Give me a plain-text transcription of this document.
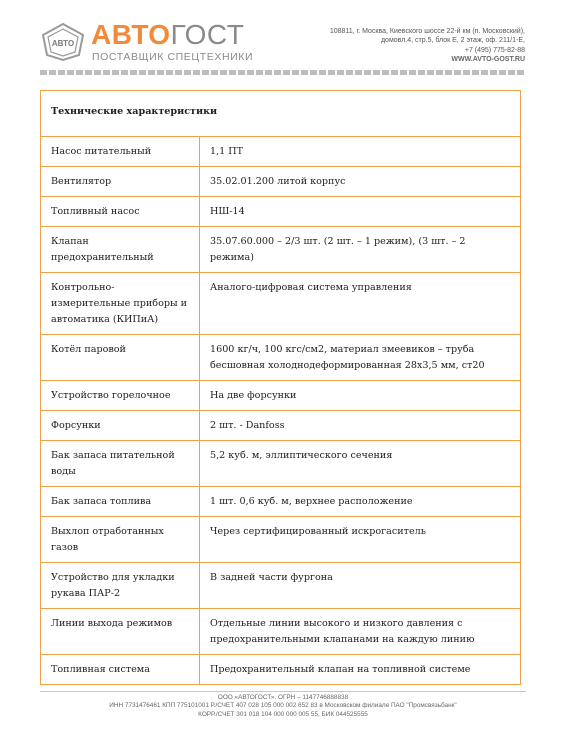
АВТО АВТОГОСТ
ПОСТАВЩИК СПЕЦТЕХНИКИ
108811, г. Москва, Киевского шоссе 22-й км (п. Московский),
домовл.4, стр.5, блок Е, 2 этаж, оф. 211/1-Е,
+7 (495) 775-82-88
WWW.AVTO-GOST.RU
Технические характеристики	
Насос питательный	1,1 ПТ
Вентилятор	35.02.01.200 литой корпус
Топливный насос	НШ-14
Клапан предохранительный	35.07.60.000 – 2/3 шт. (2 шт. – 1 режим), (3 шт. – 2 режима)
Контрольно-измерительные приборы и автоматика (КИПиА)	Аналого-цифровая система управления
Котёл паровой	1600 кг/ч, 100 кгс/см2, материал змеевиков – труба бесшовная холоднодеформированная 28х3,5 мм, ст20
Устройство горелочное	На две форсунки
Форсунки	2 шт. - Danfoss
Бак запаса питательной воды	5,2 куб. м, эллиптического сечения
Бак запаса топлива	1 шт. 0,6 куб. м, верхнее расположение
Выхлоп отработанных газов	Через сертифицированный искрогаситель
Устройство для укладки рукава ПАР-2	В задней части фургона
Линии выхода режимов	Отдельные линии высокого и низкого давления с предохранительными клапанами на каждую линию
Топливная система	Предохранительный клапан на топливной системе
ООО «АВТОГОСТ». ОГРН – 1147746888838
ИНН 7731476461 КПП 775101001 Р./СЧЕТ 407 028 105 000 002 652 83 в Московском филиале ПАО "Промсвязьбанк"
КОРР./СЧЕТ 301 018 104 000 000 005 55, БИК 044525555
